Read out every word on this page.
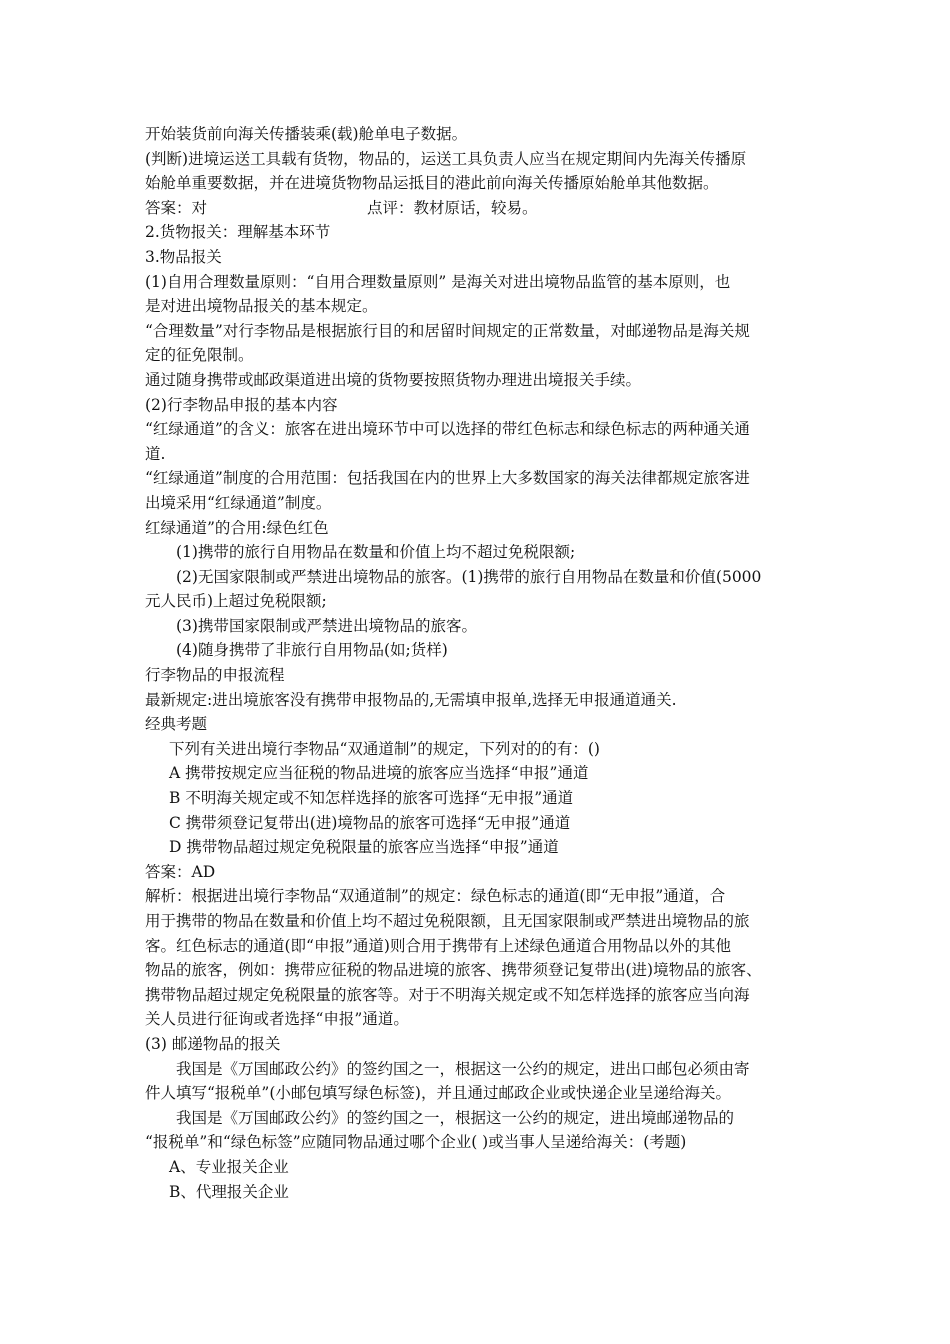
开始装货前向海关传播装乘(载)舱单电子数据。
(判断)进境运送工具载有货物，物品的，运送工具负责人应当在规定期间内先海关传播原
始舱单重要数据，并在进境货物物品运抵目的港此前向海关传播原始舱单其他数据。
答案：对	点评：教材原话，较易。
2.货物报关：理解基本环节
3.物品报关
(1)自用合理数量原则：“自用合理数量原则” 是海关对进出境物品监管的基本原则，也
是对进出境物品报关的基本规定。
“合理数量”对行李物品是根据旅行目的和居留时间规定的正常数量，对邮递物品是海关规
定的征免限制。
通过随身携带或邮政渠道进出境的货物要按照货物办理进出境报关手续。
(2)行李物品申报的基本内容
“红绿通道”的含义：旅客在进出境环节中可以选择的带红色标志和绿色标志的两种通关通
道.
“红绿通道”制度的合用范围：包括我国在内的世界上大多数国家的海关法律都规定旅客进
出境采用“红绿通道”制度。
红绿通道”的合用:绿色红色
(1)携带的旅行自用物品在数量和价值上均不超过免税限额;
(2)无国家限制或严禁进出境物品的旅客。(1)携带的旅行自用物品在数量和价值(5000
元人民币)上超过免税限额;
(3)携带国家限制或严禁进出境物品的旅客。
(4)随身携带了非旅行自用物品(如;货样)
行李物品的申报流程
最新规定:进出境旅客没有携带申报物品的,无需填申报单,选择无申报通道通关.
经典考题
下列有关进出境行李物品“双通道制”的规定，下列对的的有：()
A 携带按规定应当征税的物品进境的旅客应当选择“申报”通道
B 不明海关规定或不知怎样选择的旅客可选择“无申报”通道
C 携带须登记复带出(进)境物品的旅客可选择“无申报”通道
D 携带物品超过规定免税限量的旅客应当选择“申报”通道
答案：AD
解析：根据进出境行李物品“双通道制”的规定：绿色标志的通道(即“无申报”通道，合
用于携带的物品在数量和价值上均不超过免税限额，且无国家限制或严禁进出境物品的旅
客。红色标志的通道(即“申报”通道)则合用于携带有上述绿色通道合用物品以外的其他
物品的旅客，例如：携带应征税的物品进境的旅客、携带须登记复带出(进)境物品的旅客、
携带物品超过规定免税限量的旅客等。对于不明海关规定或不知怎样选择的旅客应当向海
关人员进行征询或者选择“申报”通道。
(3) 邮递物品的报关
我国是《万国邮政公约》的签约国之一，根据这一公约的规定，进出口邮包必须由寄
件人填写“报税单”(小邮包填写绿色标签)，并且通过邮政企业或快递企业呈递给海关。
我国是《万国邮政公约》的签约国之一，根据这一公约的规定，进出境邮递物品的
“报税单”和“绿色标签”应随同物品通过哪个企业( )或当事人呈递给海关：(考题)
A、专业报关企业
B、代理报关企业
